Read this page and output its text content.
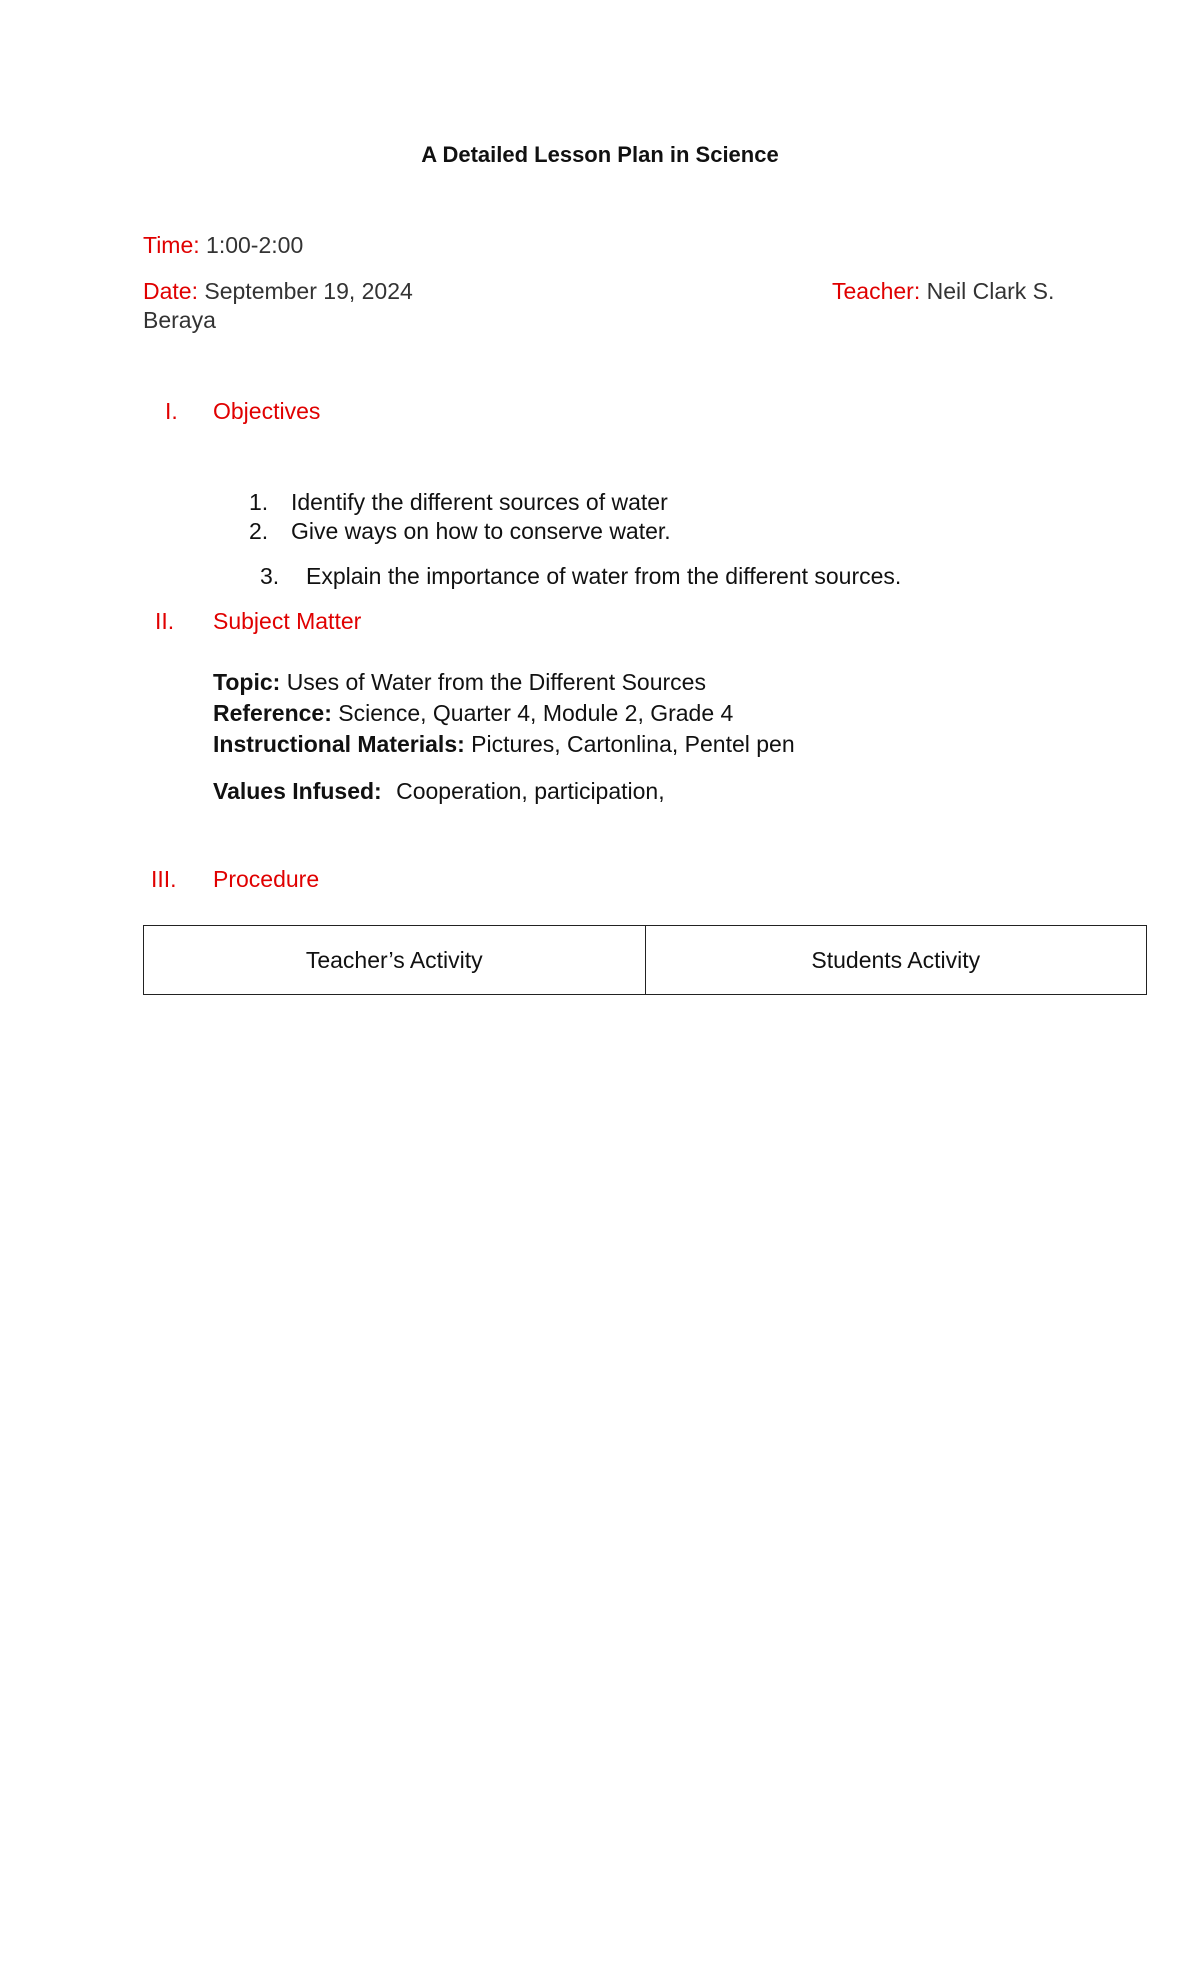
A Detailed Lesson Plan in Science
Time: 1:00-2:00
Date: September 19, 2024	Teacher: Neil Clark S.
Beraya
I. Objectives
1. Identify the different sources of water
2. Give ways on how to conserve water.
3. Explain the importance of water from the different sources.
II. Subject Matter
Topic: Uses of Water from the Different Sources
Reference: Science, Quarter 4, Module 2, Grade 4
Instructional Materials: Pictures, Cartonlina, Pentel pen
Values Infused: Cooperation, participation,
III. Procedure
Teacher’s Activity	Students Activity
